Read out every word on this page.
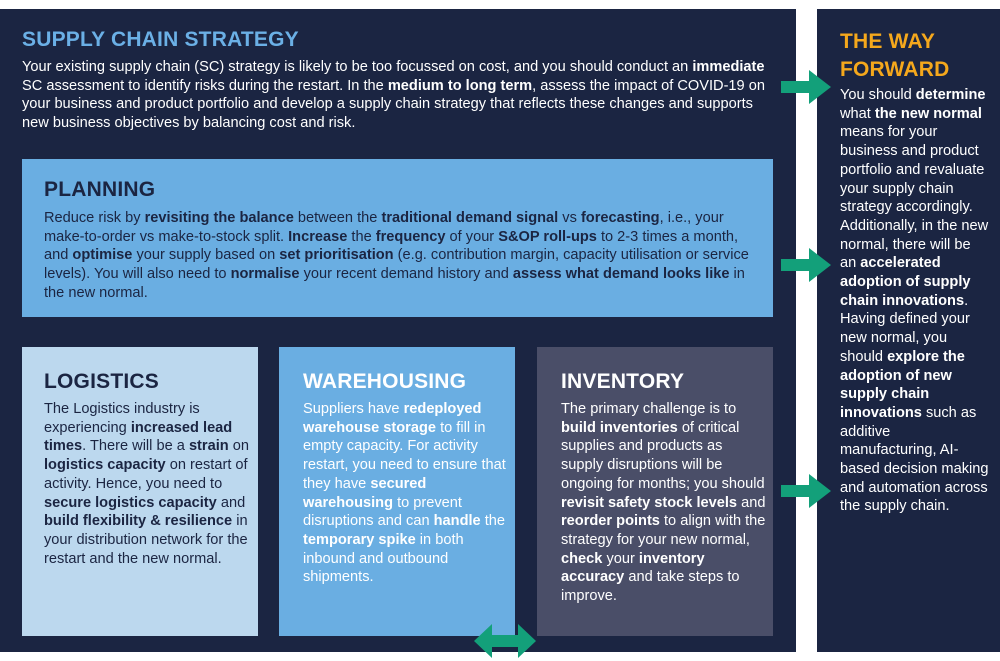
SUPPLY CHAIN STRATEGY
Your existing supply chain (SC) strategy is likely to be too focussed on cost, and you should conduct an immediate SC assessment to identify risks during the restart. In the medium to long term, assess the impact of COVID-19 on your business and product portfolio and develop a supply chain strategy that reflects these changes and supports new business objectives by balancing cost and risk.
PLANNING
Reduce risk by revisiting the balance between the traditional demand signal vs forecasting, i.e., your make-to-order vs make-to-stock split. Increase the frequency of your S&OP roll-ups to 2-3 times a month, and optimise your supply based on set prioritisation (e.g. contribution margin, capacity utilisation or service levels). You will also need to normalise your recent demand history and assess what demand looks like in the new normal.
LOGISTICS
The Logistics industry is experiencing increased lead times. There will be a strain on logistics capacity on restart of activity. Hence, you need to secure logistics capacity and build flexibility & resilience in your distribution network for the restart and the new normal.
WAREHOUSING
Suppliers have redeployed warehouse storage to fill in empty capacity. For activity restart, you need to ensure that they have secured warehousing to prevent disruptions and can handle the temporary spike in both inbound and outbound shipments.
INVENTORY
The primary challenge is to build inventories of critical supplies and products as supply disruptions will be ongoing for months; you should revisit safety stock levels and reorder points to align with the strategy for your new normal, check your inventory accuracy and take steps to improve.
THE WAY FORWARD
You should determine what the new normal means for your business and product portfolio and revaluate your supply chain strategy accordingly. Additionally, in the new normal, there will be an accelerated adoption of supply chain innovations. Having defined your new normal, you should explore the adoption of new supply chain innovations such as additive manufacturing, AI-based decision making and automation across the supply chain.
